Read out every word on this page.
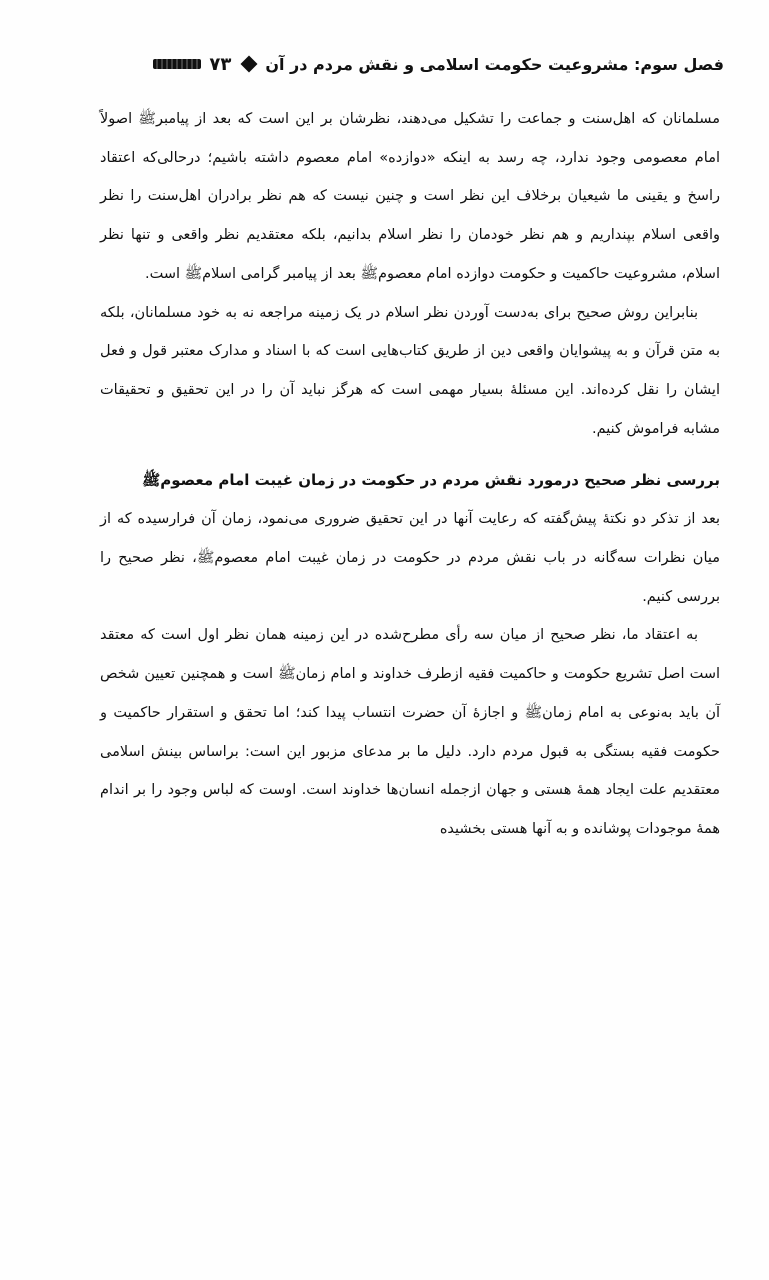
فصل سوم: مشروعیت حکومت اسلامی و نقش مردم در آن
۷۳

مسلمانان که اهل‌سنت و جماعت را تشکیل می‌دهند، نظرشان بر این است که بعد از پیامبرﷺ اصولاً امام معصومی وجود ندارد، چه رسد به اینکه «دوازده» امام معصوم داشته باشیم؛ درحالی‌که اعتقاد راسخ و یقینی ما شیعیان برخلاف این نظر است و چنین نیست که هم نظر برادران اهل‌سنت را نظر واقعی اسلام بپنداریم و هم نظر خودمان را نظر اسلام بدانیم، بلکه معتقدیم نظر واقعی و تنها نظر اسلام، مشروعیت حاکمیت و حکومت دوازده امام معصوم‌ﷺ بعد از پیامبر گرامی اسلامﷺ است.

بنابراین روش صحیح برای به‌دست آوردن نظر اسلام در یک زمینه مراجعه نه به خود مسلمانان، بلکه به متن قرآن و به پیشوایان واقعی دین از طریق کتاب‌هایی است که با اسناد و مدارک معتبر قول و فعل ایشان را نقل کرده‌اند. این مسئلهٔ بسیار مهمی است که هرگز نباید آن را در این تحقیق و تحقیقات مشابه فراموش کنیم.

بررسی نظر صحیح درمورد نقش مردم در حکومت در زمان غیبت امام معصومﷺ

بعد از تذکر دو نکتهٔ پیش‌گفته که رعایت آنها در این تحقیق ضروری می‌نمود، زمان آن فرارسیده که از میان نظرات سه‌گانه در باب نقش مردم در حکومت در زمان غیبت امام معصومﷺ، نظر صحیح را بررسی کنیم.

به اعتقاد ما، نظر صحیح از میان سه رأی مطرح‌شده در این زمینه همان نظر اول است که معتقد است اصل تشریع حکومت و حاکمیت فقیه ازطرف خداوند و امام زمانﷺ است و همچنین تعیین شخص آن باید به‌نوعی به امام زمانﷺ و اجازهٔ آن حضرت انتساب پیدا کند؛ اما تحقق و استقرار حاکمیت و حکومت فقیه بستگی به قبول مردم دارد. دلیل ما بر مدعای مزبور این است: براساس بینش اسلامی معتقدیم علت ایجاد همهٔ هستی و جهان ازجمله انسان‌ها خداوند است. اوست که لباس وجود را بر اندام همهٔ موجودات پوشانده و به آنها هستی بخشیده
